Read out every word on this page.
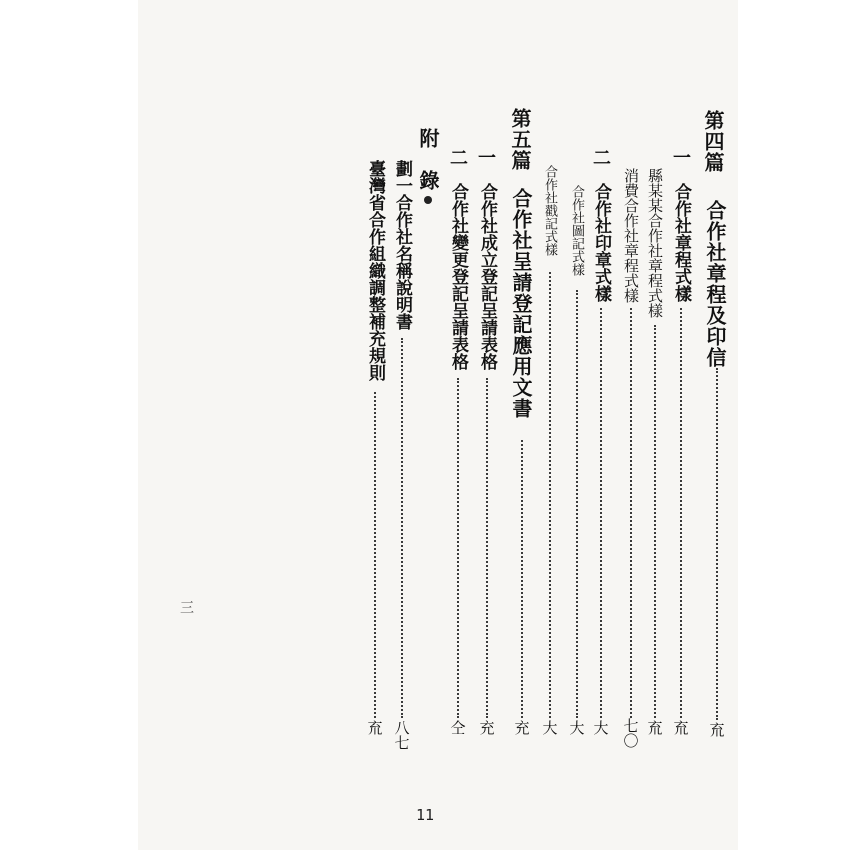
第四篇
合作社章程及印信
㐬
一
合作社章程式樣
㐬
縣某某合作社章程式樣
㐬
消費合作社章程式樣
七〇
二
合作社印章式樣
大
合作社圖記式樣
大
合作社戳記式樣
大
第五篇
合作社呈請登記應用文書
充
一
合作社成立登記呈請表格
充
二
合作社變更登記呈請表格
仝
附
錄
劃一合作社名稱說明書
八七
臺灣省合作組織調整補充規則
㐬
三
11
